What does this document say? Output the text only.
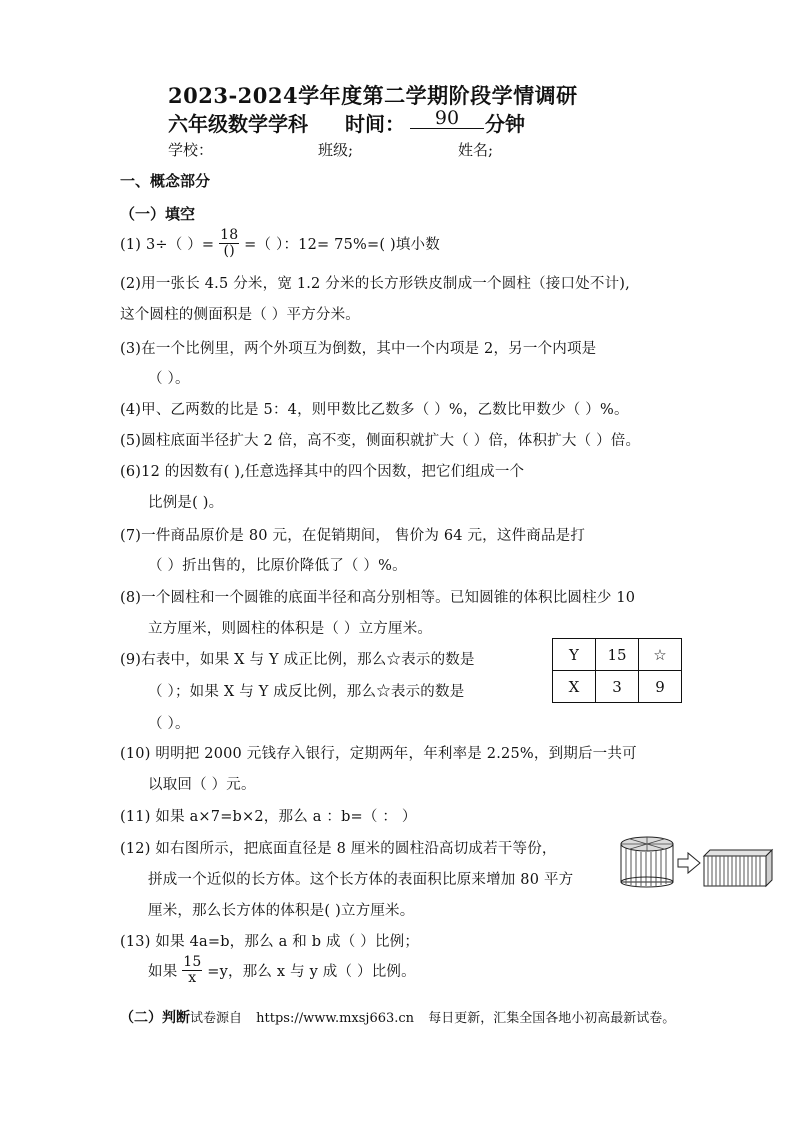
2023-2024学年度第二学期阶段学情调研
六年级数学学科 时间：	90	分钟
学校：	班级;	姓名;
一、概念部分
（一）填空
(1) 3÷（ ）= $\frac{18}{()}$ =（ ）：12= 75%=( )填小数
(2)用一张长 4.5 分米，宽 1.2 分米的长方形铁皮制成一个圆柱（接口处不计),
这个圆柱的侧面积是（ ）平方分米。
(3)在一个比例里，两个外项互为倒数，其中一个内项是 2，另一个内项是
（ ）。
(4)甲、乙两数的比是 5：4，则甲数比乙数多（ ）%，乙数比甲数少（ ）%。
(5)圆柱底面半径扩大 2 倍，高不变，侧面积就扩大（ ）倍，体积扩大（ ）倍。
(6)12 的因数有( ),任意选择其中的四个因数，把它们组成一个
比例是( )。
(7)一件商品原价是 80 元，在促销期间， 售价为 64 元，这件商品是打
（ ）折出售的，比原价降低了（ ）%。
(8)一个圆柱和一个圆锥的底面半径和高分别相等。已知圆锥的体积比圆柱少 10
立方厘米，则圆柱的体积是（ ）立方厘米。
(9)右表中，如果 X 与 Y 成正比例，那么☆表示的数是
（ ）；如果 X 与 Y 成反比例，那么☆表示的数是
（ ）。
Y	15	☆
X	3	9
(10) 明明把 2000 元钱存入银行，定期两年，年利率是 2.25%，到期后一共可
以取回（ ）元。
(11) 如果 a×7=b×2，那么 a ：b=（ ： ）
(12) 如右图所示，把底面直径是 8 厘米的圆柱沿高切成若干等份，
拼成一个近似的长方体。这个长方体的表面积比原来增加 80 平方
厘米，那么长方体的体积是( )立方厘米。
(13) 如果 4a=b，那么 a 和 b 成（ ）比例；
如果 $\frac{15}{x} =y$，那么 x 与 y 成（ ）比例。
（二）判断试卷源自 https://www.mxsj663.cn 每日更新，汇集全国各地小初高最新试卷。
